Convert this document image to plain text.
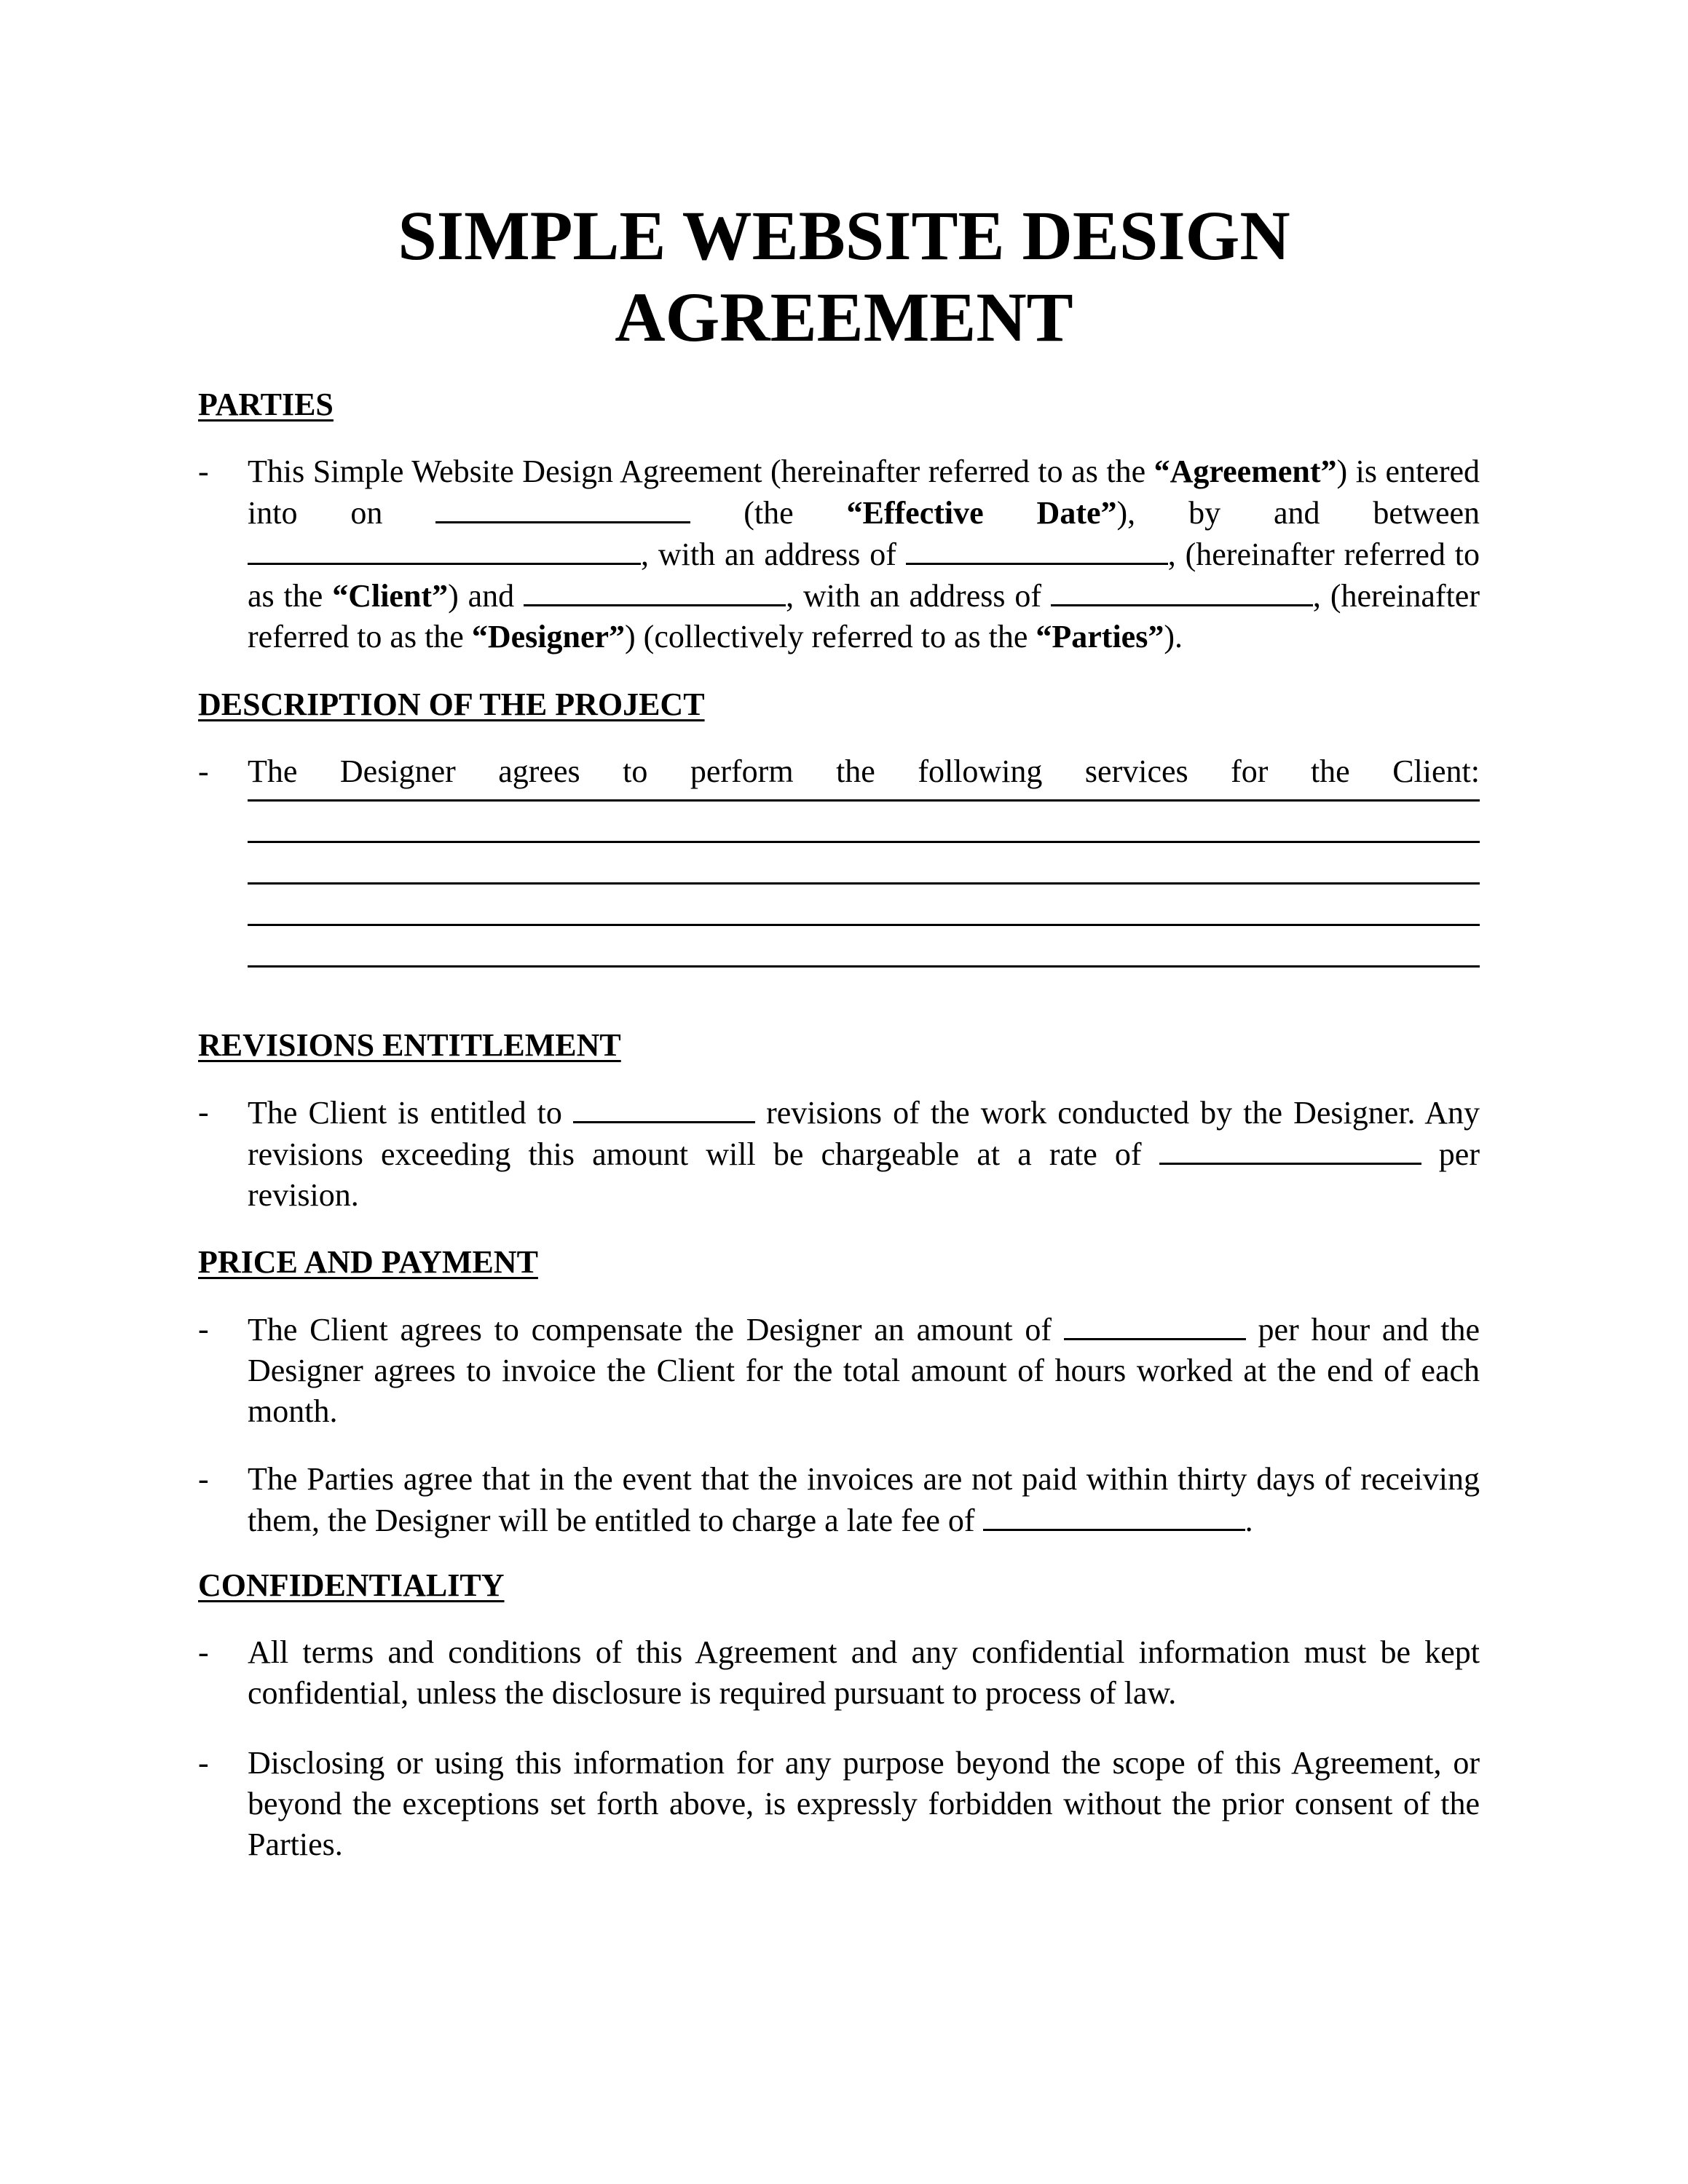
SIMPLE WEBSITE DESIGN
AGREEMENT
PARTIES
-	This Simple Website Design Agreement (hereinafter referred to as the “Agreement”) is entered into on	(the “Effective Date”), by and between , with an address of	, (hereinafter referred to as the “Client”) and	, with an address of	, (hereinafter referred to as the “Designer”) (collectively referred to as the “Parties”).
DESCRIPTION OF THE PROJECT
-	The Designer agrees to perform the following services for the Client:
REVISIONS ENTITLEMENT
-	The Client is entitled to	revisions of the work conducted by the Designer. Any revisions exceeding this amount will be chargeable at a rate of	per revision.
PRICE AND PAYMENT
-	The Client agrees to compensate the Designer an amount of	per hour and the Designer agrees to invoice the Client for the total amount of hours worked at the end of each month.
-	The Parties agree that in the event that the invoices are not paid within thirty days of receiving them, the Designer will be entitled to charge a late fee of	.
CONFIDENTIALITY
-	All terms and conditions of this Agreement and any confidential information must be kept confidential, unless the disclosure is required pursuant to process of law.
-	Disclosing or using this information for any purpose beyond the scope of this Agreement, or beyond the exceptions set forth above, is expressly forbidden without the prior consent of the Parties.
